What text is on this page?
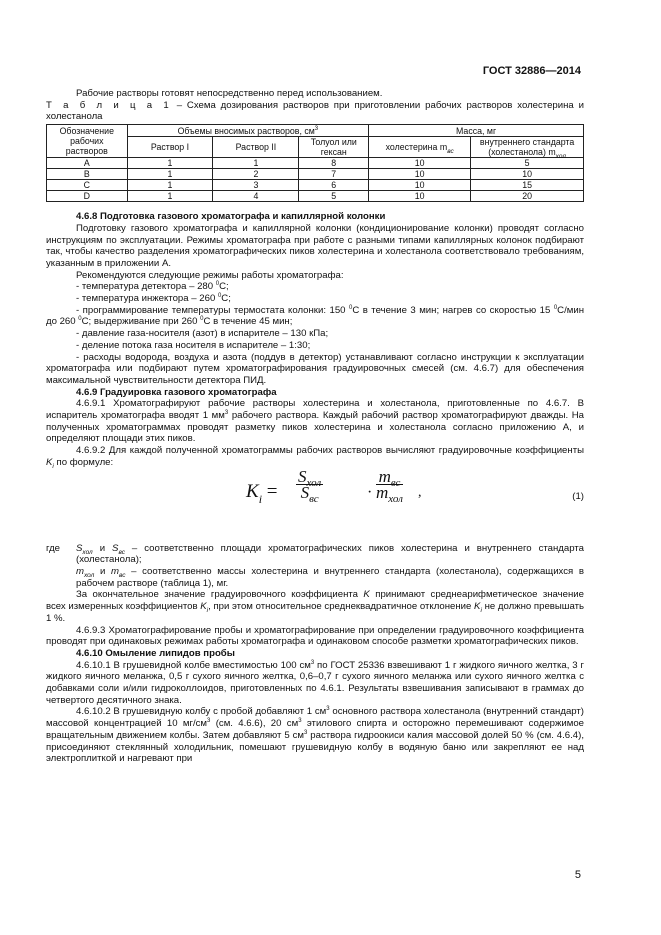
ГОСТ 32886—2014

Рабочие растворы готовят непосредственно перед использованием.

Т а б л и ц а 1 – Схема дозирования растворов при приготовлении рабочих растворов холестерина и холестанола

Обозначение рабочих растворов	Объемы вносимых растворов, $см^3$			Масса, мг	
	Раствор I	Раствор II	Толуол или гексан	холестерина $m_{вс}$	внутреннего стандарта (холестанола) $m_{хол}$
A	1	1	8	10	5
B	1	2	7	10	10
C	1	3	6	10	15
D	1	4	5	10	20
4.6.8 Подготовка газового хроматографа и капиллярной колонки

Подготовку газового хроматографа и капиллярной колонки (кондиционирование колонки) проводят согласно инструкциям по эксплуатации. Режимы хроматографа при работе с разными типами капиллярных колонок подбирают так, чтобы качество разделения хроматографических пиков холестерина и холестанола соответствовало требованиям, указанным в приложении А.

Рекомендуются следующие режимы работы хроматографа:

- температура детектора – 280 $^0$С;

- температура инжектора – 260 $^0$С;

- программирование температуры термостата колонки: 150 $^0$С в течение 3 мин; нагрев со скоростью 15 $^0$С/мин до 260 $^0$С; выдерживание при 260 $^0$С в течение 45 мин;

- давление газа-носителя (азот) в испарителе – 130 кПа;

- деление потока газа носителя в испарителе – 1:30;

- расходы водорода, воздуха и азота (поддув в детектор) устанавливают согласно инструкции к эксплуатации хроматографа или подбирают путем хроматографирования градуировочных смесей (см. 4.6.7) для обеспечения максимальной чувствительности детектора ПИД.

4.6.9 Градуировка газового хроматографа

4.6.9.1 Хроматографируют рабочие растворы холестерина и холестанола, приготовленные по 4.6.7. В испаритель хроматографа вводят 1 $мм^3$ рабочего раствора. Каждый рабочий раствор хроматографируют дважды. На полученных хроматограммах проводят разметку пиков холестерина и холестанола согласно приложению А, и определяют площади этих пиков.

4.6.9.2 Для каждой полученной хроматограммы рабочих растворов вычисляют градуировочные коэффициенты $K_i$ по формуле:

$K_i$ =
$S_{хол}$
$S_{вс}$	·
$m_{вс}$
$m_{хол}$ ,	(1)
где	$S_{хол}$ и $S_{вс}$ – соответственно площади хроматографических пиков холестерина и внутреннего стандарта (холестанола);

$m_{хол}$ и $m_{вс}$ – соответственно массы холестерина и внутреннего стандарта (холестанола), содержащихся в рабочем растворе (таблица 1), мг.

За окончательное значение градуировочного коэффициента K принимают среднеарифметическое значение всех измеренных коэффициентов $K_i$, при этом относительное среднеквадратичное отклонение $K_i$ не должно превышать 1 %.

4.6.9.3 Хроматографирование пробы и хроматографирование при определении градуировочного коэффициента проводят при одинаковых режимах работы хроматографа и одинаковом способе разметки хроматографических пиков.

4.6.10 Омыление липидов пробы

4.6.10.1 В грушевидной колбе вместимостью 100 $см^3$ по ГОСТ 25336 взвешивают 1 г жидкого яичного желтка, 3 г жидкого яичного меланжа, 0,5 г сухого яичного желтка, 0,6–0,7 г сухого яичного меланжа или сухого яичного желтка с добавками соли и/или гидроколлоидов, приготовленных по 4.6.1. Результаты взвешивания записывают в граммах до четвертого десятичного знака.

4.6.10.2 В грушевидную колбу с пробой добавляют 1 $см^3$ основного раствора холестанола (внутренний стандарт) массовой концентрацией 10 $мг/см^3$ (см. 4.6.6), 20 $см^3$ этилового спирта и осторожно перемешивают содержимое вращательным движением колбы. Затем добавляют 5 $см^3$ раствора гидроокиси калия массовой долей 50 % (см. 4.6.4), присоединяют стеклянный холодильник, помешают грушевидную колбу в водяную баню или закрепляют ее над электроплиткой и нагревают при

5
